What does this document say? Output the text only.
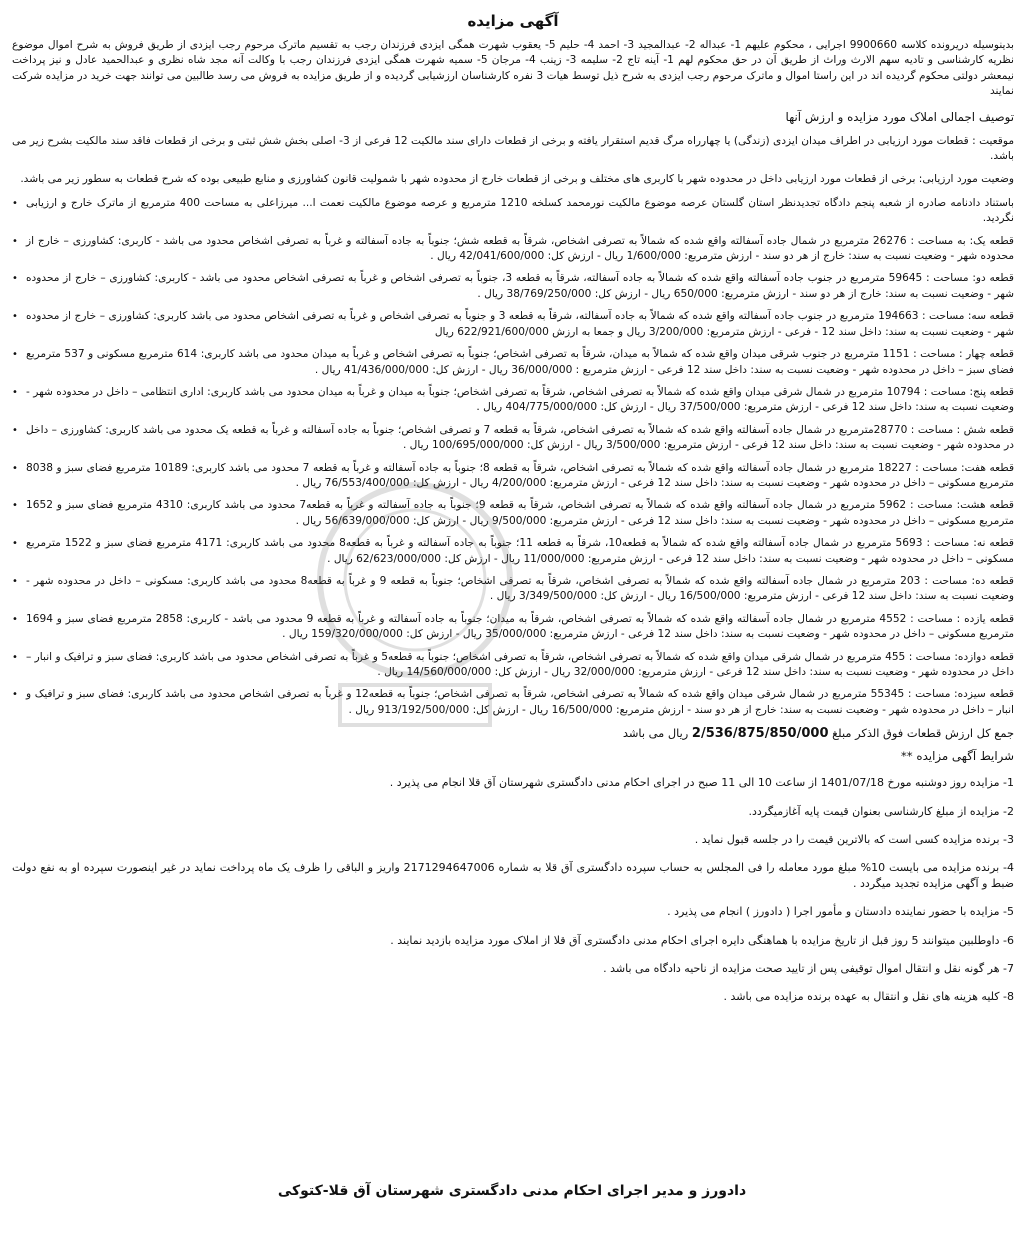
آگهی مزایده

بدینوسیله دریرونده کلاسه 9900660 اجرایی ، محکوم علیهم 1- عبداله 2- عبدالمجید 3- احمد 4- حلیم 5- یعقوب شهرت همگی ایزدی فرزندان رجب به تقسیم ماترک مرحوم رجب ایزدی از طریق فروش به شرح اموال موضوع نظریه کارشناسی و تادیه سهم الارث وراث از طریق آن در حق محکوم لهم 1- آینه تاج 2- سلیمه 3- زینب 4- مرجان 5- سمیه شهرت همگی ایزدی فرزندان رجب با وکالت آنه مجد شاه نظری و عبدالحمید عادل و نیز پرداخت نیمعشر دولتی محکوم گردیده اند در این راستا اموال و ماترک مرحوم رجب ایزدی به شرح ذیل توسط هیات 3 نفره کارشناسان ارزشیابی گردیده و از طریق مزایده به فروش می رسد طالبین می توانند جهت خرید در مزایده شرکت نمایند

توصیف اجمالی املاک مورد مزایده و ارزش آنها

موقعیت : قطعات مورد ارزیابی در اطراف میدان ایزدی (زندگی) یا چهارراه مرگ قدیم استقرار یافته و برخی از قطعات دارای سند مالکیت 12 فرعی از 3- اصلی بخش شش ثبتی و برخی از قطعات فاقد سند مالکیت بشرح زیر می باشد.

وضعیت مورد ارزیابی: برخی از قطعات مورد ارزیابی داخل در محدوده شهر با کاربری های مختلف و برخی از قطعات خارج از محدوده شهر با شمولیت قانون کشاورزی و منابع طبیعی بوده که شرح قطعات به سطور زیر می باشد.

• باستناد دادنامه صادره از شعبه پنجم دادگاه تجدیدنظر استان گلستان عرصه موضوع مالکیت نورمحمد کسلخه 1210 مترمربع و عرصه موضوع مالکیت نعمت ا... میرزاعلی به مساحت 400 مترمربع از ماترک خارج و ارزیابی نگردید.
• قطعه یک: به مساحت : 26276 مترمربع در شمال جاده آسفالته واقع شده که شمالاً به تصرفی اشخاص، شرقاً به قطعه شش؛ جنوباً به جاده آسفالته و غرباً به تصرفی اشخاص محدود می باشد - کاربری: کشاورزی – خارج از محدوده شهر - وضعیت نسبت به سند: خارج از هر دو سند - ارزش مترمربع: 1/600/000 ریال - ارزش کل: 42/041/600/000 ریال .
• قطعه دو: مساحت : 59645 مترمربع در جنوب جاده آسفالته واقع شده که شمالاً به جاده آسفالته، شرقاً به قطعه 3، جنوباً به تصرفی اشخاص و غرباً به تصرفی اشخاص محدود می باشد - کاربری: کشاورزی – خارج از محدوده شهر - وضعیت نسبت به سند: خارج از هر دو سند - ارزش مترمربع: 650/000 ریال - ارزش کل: 38/769/250/000 ریال .
• قطعه سه: مساحت : 194663 مترمربع در جنوب جاده آسفالته واقع شده که شمالاً به جاده آسفالته، شرقاً به قطعه 3 و جنوباً به تصرفی اشخاص و غرباً به تصرفی اشخاص محدود می باشد کاربری: کشاورزی – خارج از محدوده شهر - وضعیت نسبت به سند: داخل سند 12 - فرعی - ارزش مترمربع: 3/200/000 ریال و جمعا به ارزش 622/921/600/000 ریال
• قطعه چهار : مساحت : 1151 مترمربع در جنوب شرقی میدان واقع شده که شمالاً به میدان، شرقاً به تصرفی اشخاص؛ جنوباً به تصرفی اشخاص و غرباً به میدان محدود می باشد کاربری: 614 مترمربع مسکونی و 537 مترمربع فضای سبز – داخل در محدوده شهر - وضعیت نسبت به سند: داخل سند 12 فرعی - ارزش مترمربع : 36/000/000 ریال - ارزش کل: 41/436/000/000 ریال .
• قطعه پنج: مساحت : 10794 مترمربع در شمال شرقی میدان واقع شده که شمالاً به تصرفی اشخاص، شرقاً به تصرفی اشخاص؛ جنوباً به میدان و غرباً به میدان محدود می باشد کاربری: اداری انتظامی – داخل در محدوده شهر - وضعیت نسبت به سند: داخل سند 12 فرعی - ارزش مترمربع: 37/500/000 ریال - ارزش کل: 404/775/000/000 ریال .
• قطعه شش : مساحت : 28770مترمربع در شمال جاده آسفالته واقع شده که شمالاً به تصرفی اشخاص، شرقاً به قطعه 7 و تصرفی اشخاص؛ جنوباً به جاده آسفالته و غرباً به قطعه یک محدود می باشد کاربری: کشاورزی – داخل در محدوده شهر - وضعیت نسبت به سند: داخل سند 12 فرعی - ارزش مترمربع: 3/500/000 ریال - ارزش کل: 100/695/000/000 ریال .
• قطعه هفت: مساحت : 18227 مترمربع در شمال جاده آسفالته واقع شده که شمالاً به تصرفی اشخاص، شرقاً به قطعه 8؛ جنوباً به جاده آسفالته و غرباً به قطعه 7 محدود می باشد کاربری: 10189 مترمربع فضای سبز و 8038 مترمربع مسکونی – داخل در محدوده شهر - وضعیت نسبت به سند: داخل سند 12 فرعی - ارزش مترمربع: 4/200/000 ریال - ارزش کل: 76/553/400/000 ریال .
• قطعه هشت: مساحت : 5962 مترمربع در شمال جاده آسفالته واقع شده که شمالاً به تصرفی اشخاص، شرقاً به قطعه 9؛ جنوباً به جاده آسفالته و غرباً به قطعه7 محدود می باشد کاربری: 4310 مترمربع فضای سبز و 1652 مترمربع مسکونی – داخل در محدوده شهر - وضعیت نسبت به سند: داخل سند 12 فرعی - ارزش مترمربع: 9/500/000 ریال - ارزش کل: 56/639/000/000 ریال .
• قطعه نه: مساحت : 5693 مترمربع در شمال جاده آسفالته واقع شده که شمالاً به قطعه10، شرقاً به قطعه 11؛ جنوباً به جاده آسفالته و غرباً به قطعه8 محدود می باشد کاربری: 4171 مترمربع فضای سبز و 1522 مترمربع مسکونی – داخل در محدوده شهر - وضعیت نسبت به سند: داخل سند 12 فرعی - ارزش مترمربع: 11/000/000 ریال - ارزش کل: 62/623/000/000 ریال .
• قطعه ده: مساحت : 203 مترمربع در شمال جاده آسفالته واقع شده که شمالاً به تصرفی اشخاص، شرقاً به تصرفی اشخاص؛ جنوباً به قطعه 9 و غرباً به قطعه8 محدود می باشد کاربری: مسکونی – داخل در محدوده شهر - وضعیت نسبت به سند: داخل سند 12 فرعی - ارزش مترمربع: 16/500/000 ریال - ارزش کل: 3/349/500/000 ریال .
• قطعه یازده : مساحت : 4552 مترمربع در شمال جاده آسفالته واقع شده که شمالاً به تصرفی اشخاص، شرقاً به میدان؛ جنوباً به جاده آسفالته و غرباً به قطعه 9 محدود می باشد - کاربری: 2858 مترمربع فضای سبز و 1694 مترمربع مسکونی – داخل در محدوده شهر - وضعیت نسبت به سند: داخل سند 12 فرعی - ارزش مترمربع: 35/000/000 ریال - ارزش کل: 159/320/000/000 ریال .
• قطعه دوازده: مساحت : 455 مترمربع در شمال شرقی میدان واقع شده که شمالاً به تصرفی اشخاص، شرقاً به تصرفی اشخاص؛ جنوباً به قطعه5 و غرباً به تصرفی اشخاص محدود می باشد کاربری: فضای سبز و ترافیک و انبار – داخل در محدوده شهر - وضعیت نسبت به سند: داخل سند 12 فرعی - ارزش مترمربع: 32/000/000 ریال - ارزش کل: 14/560/000/000 ریال .
• قطعه سیزده: مساحت : 55345 مترمربع در شمال شرقی میدان واقع شده که شمالاً به تصرفی اشخاص، شرقاً به تصرفی اشخاص؛ جنوباً به قطعه12 و غرباً به تصرفی اشخاص محدود می باشد کاربری: فضای سبز و ترافیک و انبار – داخل در محدوده شهر - وضعیت نسبت به سند: خارج از هر دو سند - ارزش مترمربع: 16/500/000 ریال - ارزش کل: 913/192/500/000 ریال .
جمع کل ارزش قطعات فوق الذکر مبلغ 2/536/875/850/000 ریال می باشد
شرایط آگهی مزایده **
1- مزایده روز دوشنبه مورخ 1401/07/18 از ساعت 10 الی 11 صبح در اجرای احکام مدنی دادگستری شهرستان آق قلا انجام می پذیرد .
2- مزایده از مبلغ کارشناسی بعنوان قیمت پایه آغازمیگردد.
3- برنده مزایده کسی است که بالاترین قیمت را در جلسه قبول نماید .
4- برنده مزایده می بایست 10% مبلغ مورد معامله را فی المجلس به حساب سپرده دادگستری آق قلا به شماره 2171294647006 واریز و الباقی را ظرف یک ماه پرداخت نماید در غیر اینصورت سپرده او به نفع دولت ضبط و آگهی مزایده تجدید میگردد .
5- مزایده با حضور نماینده دادستان و مأمور اجرا ( دادورز ) انجام می پذیرد .
6- داوطلبین میتوانند 5 روز قبل از تاریخ مزایده با هماهنگی دایره اجرای احکام مدنی دادگستری آق قلا از املاک مورد مزایده بازدید نمایند .
7- هر گونه نقل و انتقال اموال توقیفی پس از تایید صحت مزایده از ناحیه دادگاه می باشد .
8- کلیه هزینه های نقل و انتقال به عهده برنده مزایده می باشد .
دادورز و مدیر اجرای احکام مدنی دادگستری شهرستان آق قلا-کتوکی
